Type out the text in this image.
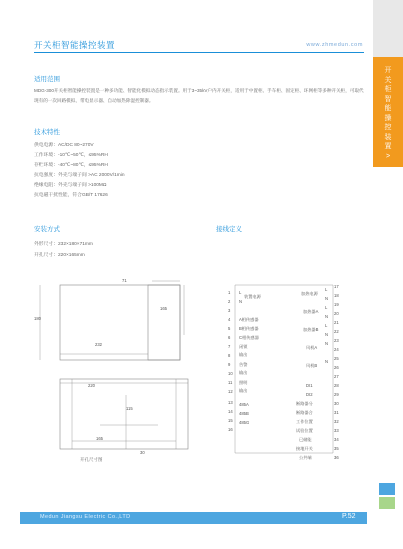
开关柜智能操控装置	www.zhmedun.com
开关柜智能操控装置>
适用范围
MDG-300开关柜智能操控装置是一种多功能、智能化模拟动态指示装置。用于3~35kV户内开关柜，适用于中置柜、手车柜、固定柜、环网柜等多种开关柜，可取代现有的一次回路模拟、带电显示器、自动加热除湿控制器。
技术特性
供电电源：AC/DC 80~270V
工作环境：-10℃~50℃，≤95%RH
存贮环境：-40℃~80℃，≤95%RH
抗电强度：外壳与端子间 >AC 2000V/1min
绝缘电阻：外壳与端子间 >100MΩ
抗电磁干扰性能，符合GB/T 17626
安装方式
外形尺寸：232×180×71mm
开孔尺寸：220×165mm
71
165
180
232
220
115
165
30
开孔尺寸图
接线定义
1
2
3
4
5
6
7
8
9
10
11
12
13
14
15
16
L
N
装置电源
A相传感器
B相传感器
C相传感器
闭锁
输出
告警
输出
照明
输出
485A
485B
485G
17
18
19
20
21
22
23
24
25
26
27
28
29
30
31
32
33
34
35
36
L
N
加热电源
L
N
加热器A
L
N
加热器B
N
风机A
N
风机B
DI1
DI2
断路器分
断路器合
工作位置
试验位置
已储能
接地开关
公共端
Medun Jiangsu Electric Co.,LTD	P.52
